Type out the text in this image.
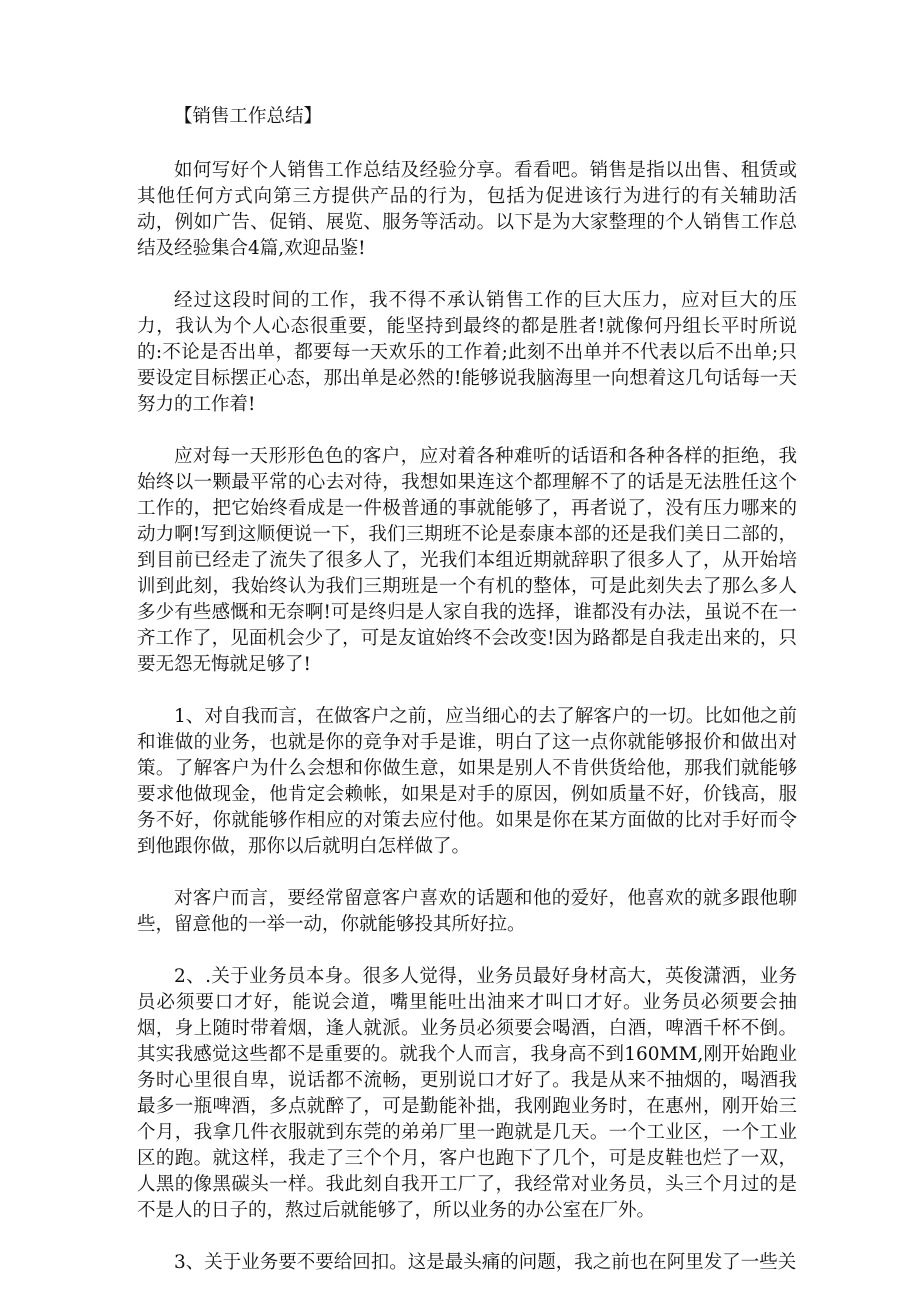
【销售工作总结】

如何写好个人销售工作总结及经验分享。看看吧。销售是指以出售、租赁或其他任何方式向第三方提供产品的行为，包括为促进该行为进行的有关辅助活动，例如广告、促销、展览、服务等活动。以下是为大家整理的个人销售工作总结及经验集合4篇,欢迎品鉴!

经过这段时间的工作，我不得不承认销售工作的巨大压力，应对巨大的压力，我认为个人心态很重要，能坚持到最终的都是胜者!就像何丹组长平时所说的:不论是否出单，都要每一天欢乐的工作着;此刻不出单并不代表以后不出单;只要设定目标摆正心态，那出单是必然的!能够说我脑海里一向想着这几句话每一天努力的工作着!

应对每一天形形色色的客户，应对着各种难听的话语和各种各样的拒绝，我始终以一颗最平常的心去对待，我想如果连这个都理解不了的话是无法胜任这个工作的，把它始终看成是一件极普通的事就能够了，再者说了，没有压力哪来的动力啊!写到这顺便说一下，我们三期班不论是泰康本部的还是我们美日二部的，到目前已经走了流失了很多人了，光我们本组近期就辞职了很多人了，从开始培训到此刻，我始终认为我们三期班是一个有机的整体，可是此刻失去了那么多人多少有些感慨和无奈啊!可是终归是人家自我的选择，谁都没有办法，虽说不在一齐工作了，见面机会少了，可是友谊始终不会改变!因为路都是自我走出来的，只要无怨无悔就足够了!

1、对自我而言，在做客户之前，应当细心的去了解客户的一切。比如他之前和谁做的业务，也就是你的竞争对手是谁，明白了这一点你就能够报价和做出对策。了解客户为什么会想和你做生意，如果是别人不肯供货给他，那我们就能够要求他做现金，他肯定会赖帐，如果是对手的原因，例如质量不好，价钱高，服务不好，你就能够作相应的对策去应付他。如果是你在某方面做的比对手好而令到他跟你做，那你以后就明白怎样做了。

对客户而言，要经常留意客户喜欢的话题和他的爱好，他喜欢的就多跟他聊些，留意他的一举一动，你就能够投其所好拉。

2、.关于业务员本身。很多人觉得，业务员最好身材高大，英俊潇洒，业务员必须要口才好，能说会道，嘴里能吐出油来才叫口才好。业务员必须要会抽烟，身上随时带着烟，逢人就派。业务员必须要会喝酒，白酒，啤酒千杯不倒。其实我感觉这些都不是重要的。就我个人而言，我身高不到160MM,刚开始跑业务时心里很自卑，说话都不流畅，更别说口才好了。我是从来不抽烟的，喝酒我最多一瓶啤酒，多点就醉了，可是勤能补拙，我刚跑业务时，在惠州，刚开始三个月，我拿几件衣服就到东莞的弟弟厂里一跑就是几天。一个工业区，一个工业区的跑。就这样，我走了三个个月，客户也跑下了几个，可是皮鞋也烂了一双，人黑的像黑碳头一样。我此刻自我开工厂了，我经常对业务员，头三个月过的是不是人的日子的，熬过后就能够了，所以业务的办公室在厂外。

3、关于业务要不要给回扣。这是最头痛的问题，我之前也在阿里发了一些关
